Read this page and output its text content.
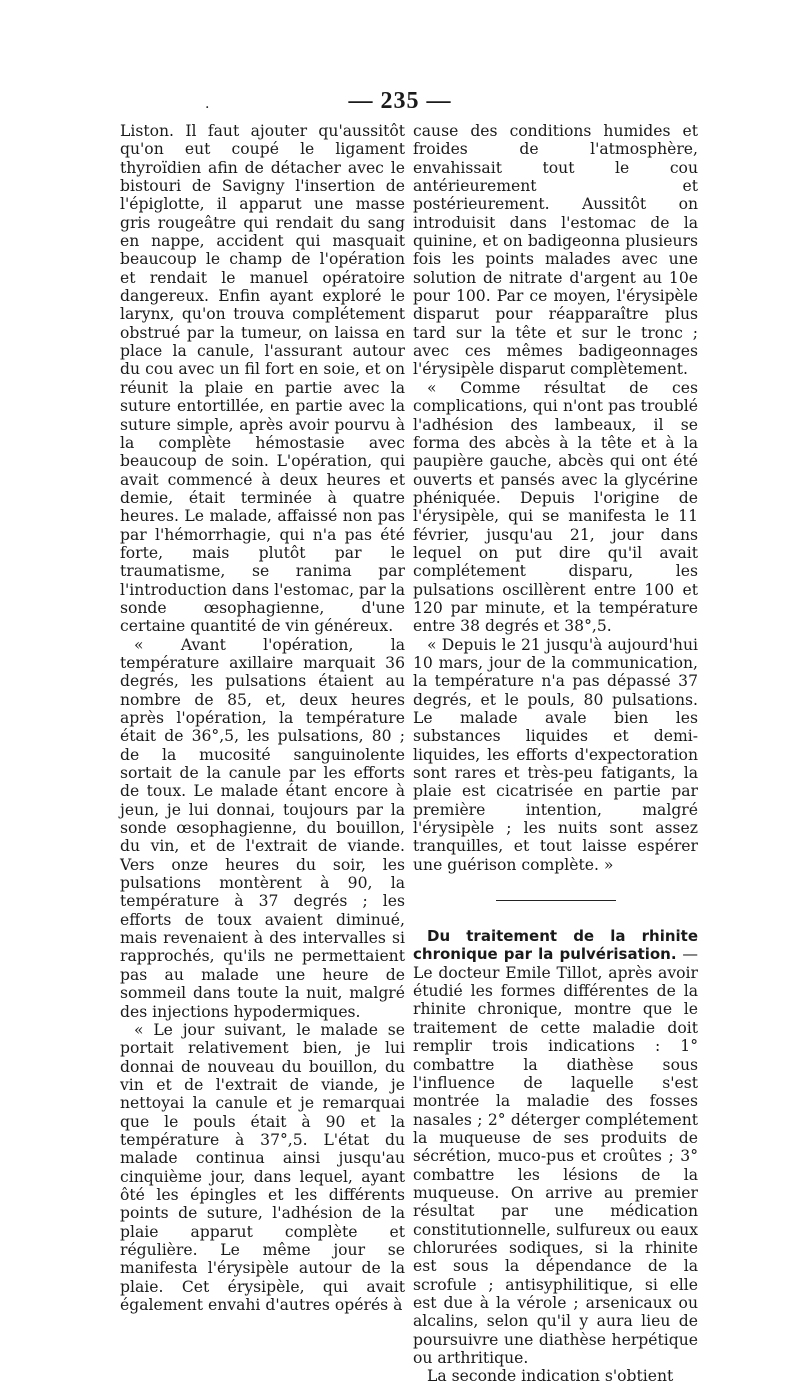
.	— 235 —

Liston. Il faut ajouter qu'aussitôt qu'on eut coupé le ligament thyroïdien afin de détacher avec le bistouri de Savigny l'insertion de l'épiglotte, il apparut une masse gris rougeâtre qui rendait du sang en nappe, accident qui masquait beaucoup le champ de l'opération et rendait le manuel opératoire dangereux. Enfin ayant exploré le larynx, qu'on trouva complétement obstrué par la tumeur, on laissa en place la canule, l'assurant autour du cou avec un fil fort en soie, et on réunit la plaie en partie avec la suture entortillée, en partie avec la suture simple, après avoir pourvu à la complète hémostasie avec beaucoup de soin. L'opération, qui avait commencé à deux heures et demie, était terminée à quatre heures. Le malade, affaissé non pas par l'hémorrhagie, qui n'a pas été forte, mais plutôt par le traumatisme, se ranima par l'introduction dans l'estomac, par la sonde œsophagienne, d'une certaine quantité de vin généreux.

« Avant l'opération, la température axillaire marquait 36 degrés, les pulsations étaient au nombre de 85, et, deux heures après l'opération, la température était de 36°,5, les pulsations, 80 ; de la mucosité sanguinolente sortait de la canule par les efforts de toux. Le malade étant encore à jeun, je lui donnai, toujours par la sonde œsophagienne, du bouillon, du vin, et de l'extrait de viande. Vers onze heures du soir, les pulsations montèrent à 90, la température à 37 degrés ; les efforts de toux avaient diminué, mais revenaient à des intervalles si rapprochés, qu'ils ne permettaient pas au malade une heure de sommeil dans toute la nuit, malgré des injections hypodermiques.

« Le jour suivant, le malade se portait relativement bien, je lui donnai de nouveau du bouillon, du vin et de l'extrait de viande, je nettoyai la canule et je remarquai que le pouls était à 90 et la température à 37°,5. L'état du malade continua ainsi jusqu'au cinquième jour, dans lequel, ayant ôté les épingles et les différents points de suture, l'adhésion de la plaie apparut complète et régulière. Le même jour se manifesta l'érysipèle autour de la plaie. Cet érysipèle, qui avait également envahi d'autres opérés à

cause des conditions humides et froides de l'atmosphère, envahissait tout le cou antérieurement et postérieurement. Aussitôt on introduisit dans l'estomac de la quinine, et on badigeonna plusieurs fois les points malades avec une solution de nitrate d'argent au 10e pour 100. Par ce moyen, l'érysipèle disparut pour réapparaître plus tard sur la tête et sur le tronc ; avec ces mêmes badigeonnages l'érysipèle disparut complètement.

« Comme résultat de ces complications, qui n'ont pas troublé l'adhésion des lambeaux, il se forma des abcès à la tête et à la paupière gauche, abcès qui ont été ouverts et pansés avec la glycérine phéniquée. Depuis l'origine de l'érysipèle, qui se manifesta le 11 février, jusqu'au 21, jour dans lequel on put dire qu'il avait complétement disparu, les pulsations oscillèrent entre 100 et 120 par minute, et la température entre 38 degrés et 38°,5.

« Depuis le 21 jusqu'à aujourd'hui 10 mars, jour de la communication, la température n'a pas dépassé 37 degrés, et le pouls, 80 pulsations. Le malade avale bien les substances liquides et demi-liquides, les efforts d'expectoration sont rares et très-peu fatigants, la plaie est cicatrisée en partie par première intention, malgré l'érysipèle ; les nuits sont assez tranquilles, et tout laisse espérer une guérison complète. »

Du traitement de la rhinite chronique par la pulvérisation. — Le docteur Emile Tillot, après avoir étudié les formes différentes de la rhinite chronique, montre que le traitement de cette maladie doit remplir trois indications : 1° combattre la diathèse sous l'influence de laquelle s'est montrée la maladie des fosses nasales ; 2° déterger complétement la muqueuse de ses produits de sécrétion, muco-pus et croûtes ; 3° combattre les lésions de la muqueuse. On arrive au premier résultat par une médication constitutionnelle, sulfureux ou eaux chlorurées sodiques, si la rhinite est sous la dépendance de la scrofule ; antisyphilitique, si elle est due à la vérole ; arsenicaux ou alcalins, selon qu'il y aura lieu de poursuivre une diathèse herpétique ou arthritique.

La seconde indication s'obtient
